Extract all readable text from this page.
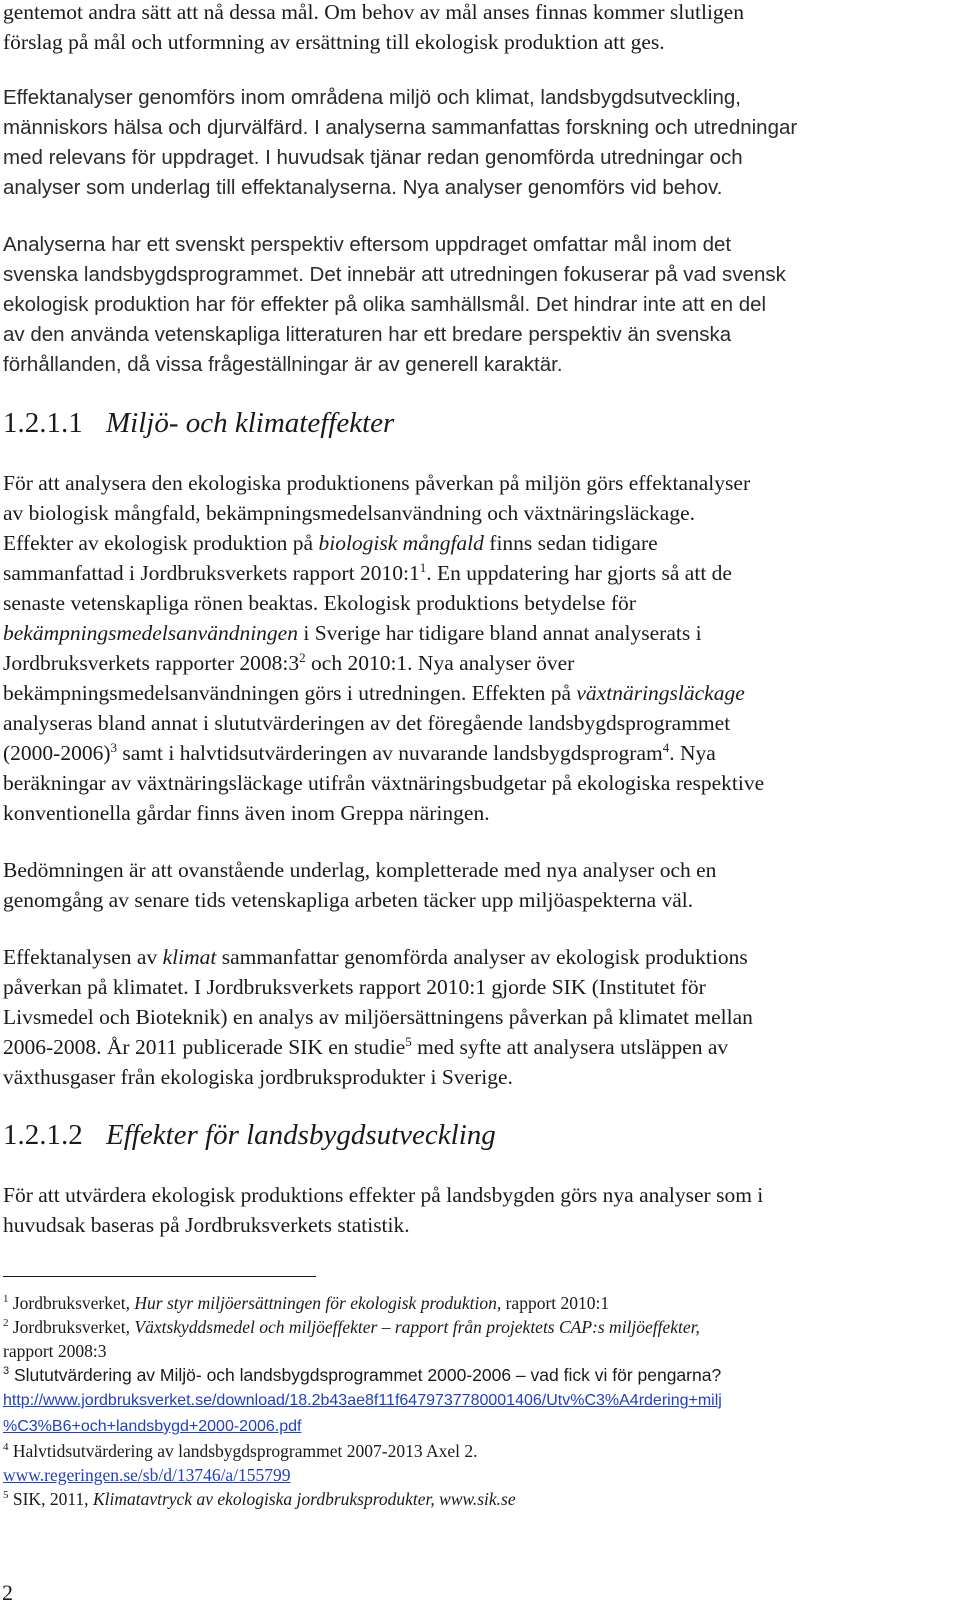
gentemot andra sätt att nå dessa mål. Om behov av mål anses finnas kommer slutligen
förslag på mål och utformning av ersättning till ekologisk produktion att ges.
Effektanalyser genomförs inom områdena miljö och klimat, landsbygdsutveckling,
människors hälsa och djurvälfärd. I analyserna sammanfattas forskning och utredningar
med relevans för uppdraget. I huvudsak tjänar redan genomförda utredningar och
analyser som underlag till effektanalyserna. Nya analyser genomförs vid behov.
Analyserna har ett svenskt perspektiv eftersom uppdraget omfattar mål inom det
svenska landsbygdsprogrammet. Det innebär att utredningen fokuserar på vad svensk
ekologisk produktion har för effekter på olika samhällsmål. Det hindrar inte att en del
av den använda vetenskapliga litteraturen har ett bredare perspektiv än svenska
förhållanden, då vissa frågeställningar är av generell karaktär.
1.2.1.1 Miljö- och klimateffekter
För att analysera den ekologiska produktionens påverkan på miljön görs effektanalyser
av biologisk mångfald, bekämpningsmedelsanvändning och växtnäringsläckage.
Effekter av ekologisk produktion på biologisk mångfald finns sedan tidigare
sammanfattad i Jordbruksverkets rapport $2010:1^1$. En uppdatering har gjorts så att de
senaste vetenskapliga rönen beaktas. Ekologisk produktions betydelse för
bekämpningsmedelsanvändningen i Sverige har tidigare bland annat analyserats i
Jordbruksverkets rapporter $2008:3^2$ och 2010:1. Nya analyser över
bekämpningsmedelsanvändningen görs i utredningen. Effekten på växtnäringsläckage
analyseras bland annat i slututvärderingen av det föregående landsbygdsprogrammet
(2000-2006)$^3$ samt i halvtidsutvärderingen av nuvarande landsbygdsprogram$^4$. Nya
beräkningar av växtnäringsläckage utifrån växtnäringsbudgetar på ekologiska respektive
konventionella gårdar finns även inom Greppa näringen.
Bedömningen är att ovanstående underlag, kompletterade med nya analyser och en
genomgång av senare tids vetenskapliga arbeten täcker upp miljöaspekterna väl.
Effektanalysen av klimat sammanfattar genomförda analyser av ekologisk produktions
påverkan på klimatet. I Jordbruksverkets rapport 2010:1 gjorde SIK (Institutet för
Livsmedel och Bioteknik) en analys av miljöersättningens påverkan på klimatet mellan
2006-2008. År 2011 publicerade SIK en studie$^5$ med syfte att analysera utsläppen av
växthusgaser från ekologiska jordbruksprodukter i Sverige.
1.2.1.2 Effekter för landsbygdsutveckling
För att utvärdera ekologisk produktions effekter på landsbygden görs nya analyser som i
huvudsak baseras på Jordbruksverkets statistik.
$^1$ Jordbruksverket, Hur styr miljöersättningen för ekologisk produktion, rapport 2010:1
$^2$ Jordbruksverket, Växtskyddsmedel och miljöeffekter – rapport från projektets CAP:s miljöeffekter,
rapport 2008:3
$^3$ Slututvärdering av Miljö- och landsbygdsprogrammet 2000-2006 – vad fick vi för pengarna?
http://www.jordbruksverket.se/download/18.2b43ae8f11f6479737780001406/Utv%C3%A4rdering+milj
%C3%B6+och+landsbygd+2000-2006.pdf
$^4$ Halvtidsutvärdering av landsbygdsprogrammet 2007-2013 Axel 2.
www.regeringen.se/sb/d/13746/a/155799
$^5$ SIK, 2011, Klimatavtryck av ekologiska jordbruksprodukter, www.sik.se
2
